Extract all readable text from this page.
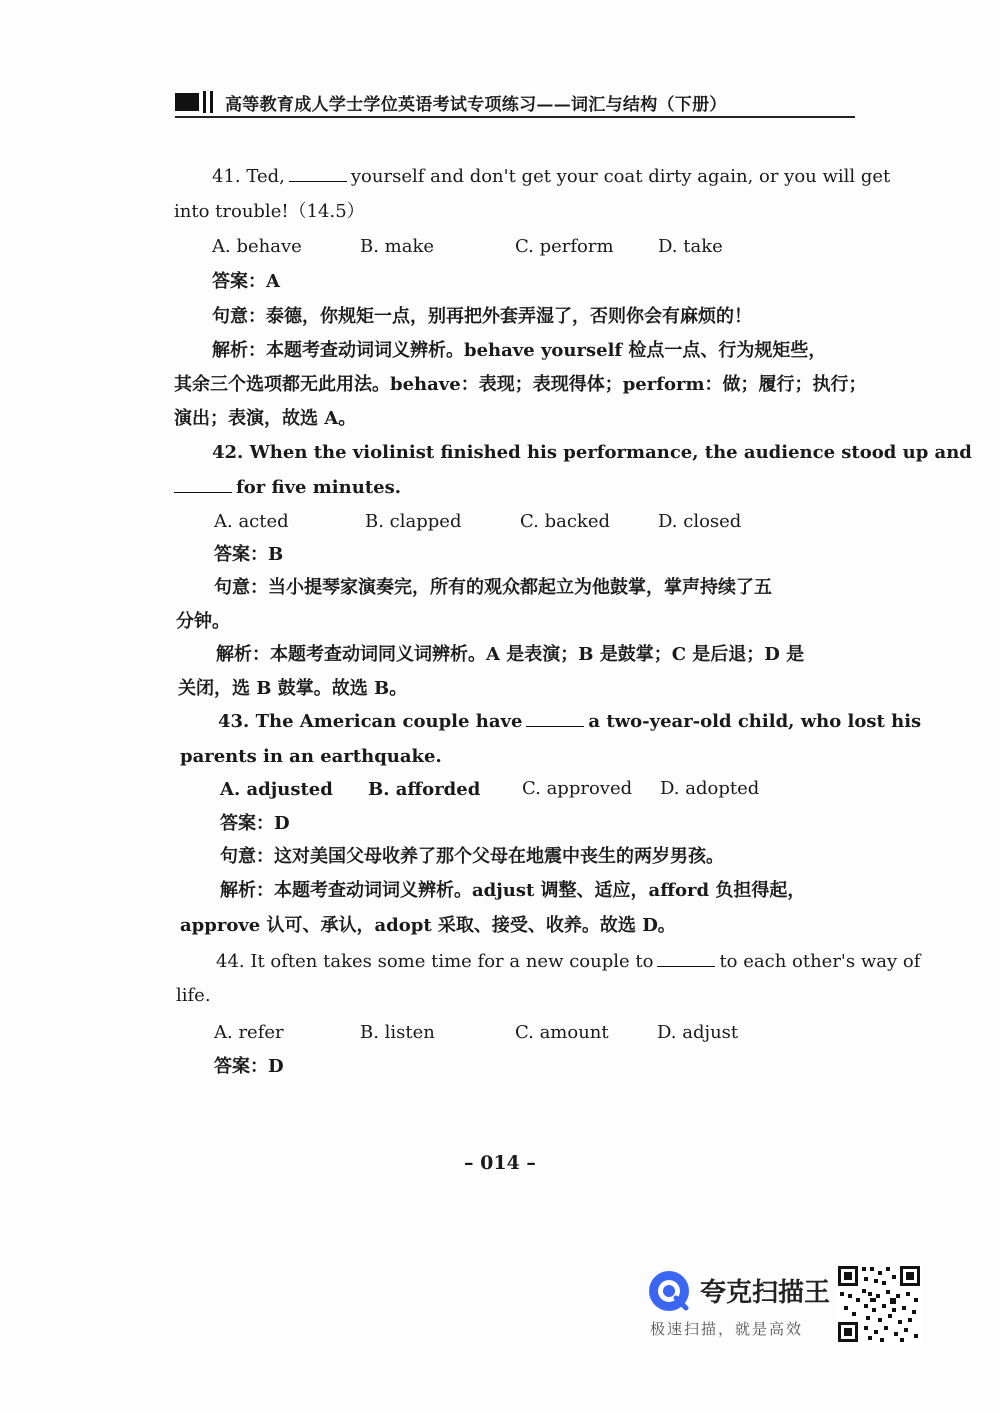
高等教育成人学士学位英语考试专项练习——词汇与结构（下册）
41. Ted,	yourself and don't get your coat dirty again, or you will get
into trouble!（14.5）
A. behave	B. make	C. perform D. take
答案：A
句意：泰德，你规矩一点，别再把外套弄湿了，否则你会有麻烦的！
解析：本题考查动词词义辨析。behave yourself 检点一点、行为规矩些，
其余三个选项都无此用法。behave：表现；表现得体；perform：做；履行；执行；
演出；表演，故选 A。
42. When the violinist finished his performance, the audience stood up and
for five minutes.
A. acted	B. clapped	C. backed	D. closed
答案：B
句意：当小提琴家演奏完，所有的观众都起立为他鼓掌，掌声持续了五
分钟。
解析：本题考查动词同义词辨析。A 是表演；B 是鼓掌；C 是后退；D 是
关闭，选 B 鼓掌。故选 B。
43. The American couple have	a two-year-old child, who lost his
parents in an earthquake.
A. adjusted B. afforded C. approved D. adopted
答案：D
句意：这对美国父母收养了那个父母在地震中丧生的两岁男孩。
解析：本题考查动词词义辨析。adjust 调整、适应，afford 负担得起，
approve 认可、承认，adopt 采取、接受、收养。故选 D。
44. It often takes some time for a new couple to	to each other's way of
life.
A. refer	B. listen	C. amount	D. adjust
答案：D
– 014 –
夸克扫描王
极速扫描，就是高效
